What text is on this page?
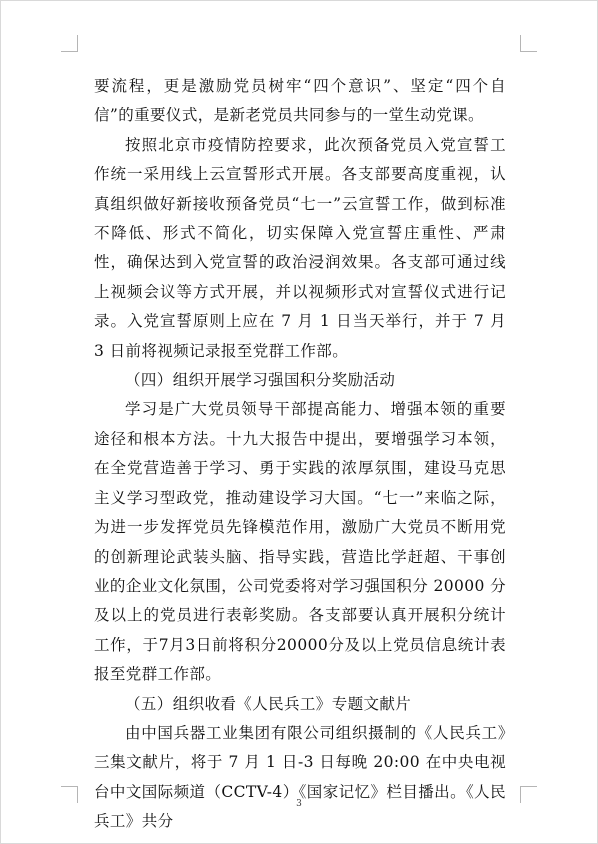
要流程，更是激励党员树牢“四个意识”、坚定“四个自信”的重要仪式，是新老党员共同参与的一堂生动党课。

按照北京市疫情防控要求，此次预备党员入党宣誓工作统一采用线上云宣誓形式开展。各支部要高度重视，认真组织做好新接收预备党员“七一”云宣誓工作，做到标准不降低、形式不简化，切实保障入党宣誓庄重性、严肃性，确保达到入党宣誓的政治浸润效果。各支部可通过线上视频会议等方式开展，并以视频形式对宣誓仪式进行记录。入党宣誓原则上应在 7 月 1 日当天举行，并于 7 月 3 日前将视频记录报至党群工作部。

（四）组织开展学习强国积分奖励活动

学习是广大党员领导干部提高能力、增强本领的重要途径和根本方法。十九大报告中提出，要增强学习本领，在全党营造善于学习、勇于实践的浓厚氛围，建设马克思主义学习型政党，推动建设学习大国。“七一”来临之际，为进一步发挥党员先锋模范作用，激励广大党员不断用党的创新理论武装头脑、指导实践，营造比学赶超、干事创业的企业文化氛围，公司党委将对学习强国积分 20000 分及以上的党员进行表彰奖励。各支部要认真开展积分统计工作，于7月3日前将积分20000分及以上党员信息统计表报至党群工作部。

（五）组织收看《人民兵工》专题文献片

由中国兵器工业集团有限公司组织摄制的《人民兵工》三集文献片，将于 7 月 1 日-3 日每晚 20:00 在中央电视台中文国际频道（CCTV-4）《国家记忆》栏目播出。《人民兵工》共分

3
